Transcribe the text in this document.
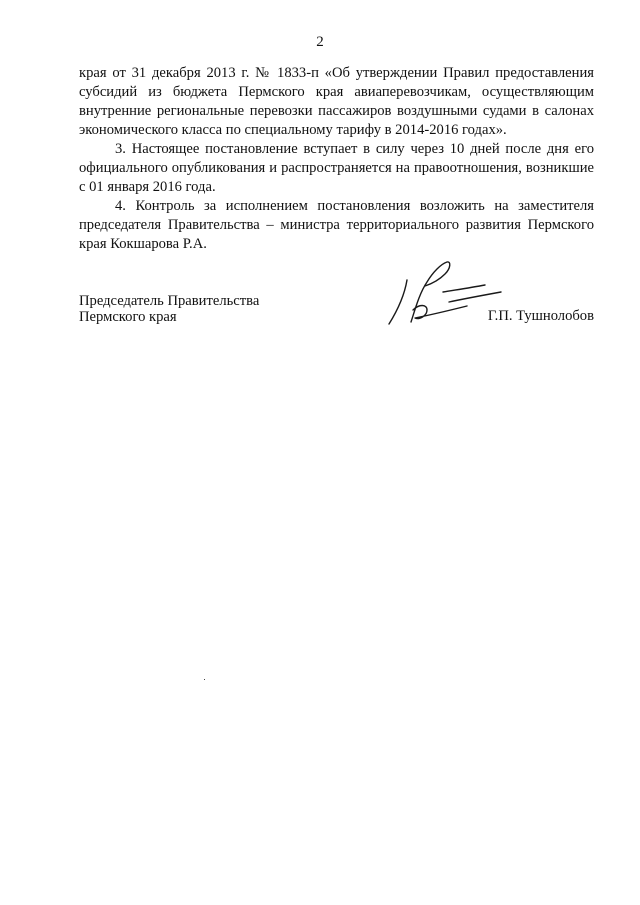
2

края от 31 декабря 2013 г. № 1833-п «Об утверждении Правил предоставления субсидий из бюджета Пермского края авиаперевозчикам, осуществляющим внутренние региональные перевозки пассажиров воздушными судами в салонах экономического класса по специальному тарифу в 2014-2016 годах».

3. Настоящее постановление вступает в силу через 10 дней после дня его официального опубликования и распространяется на правоотношения, возникшие с 01 января 2016 года.

4. Контроль за исполнением постановления возложить на заместителя председателя Правительства – министра территориального развития Пермского края Кокшарова Р.А.

Председатель Правительства
Пермского края	Г.П. Тушнолобов
